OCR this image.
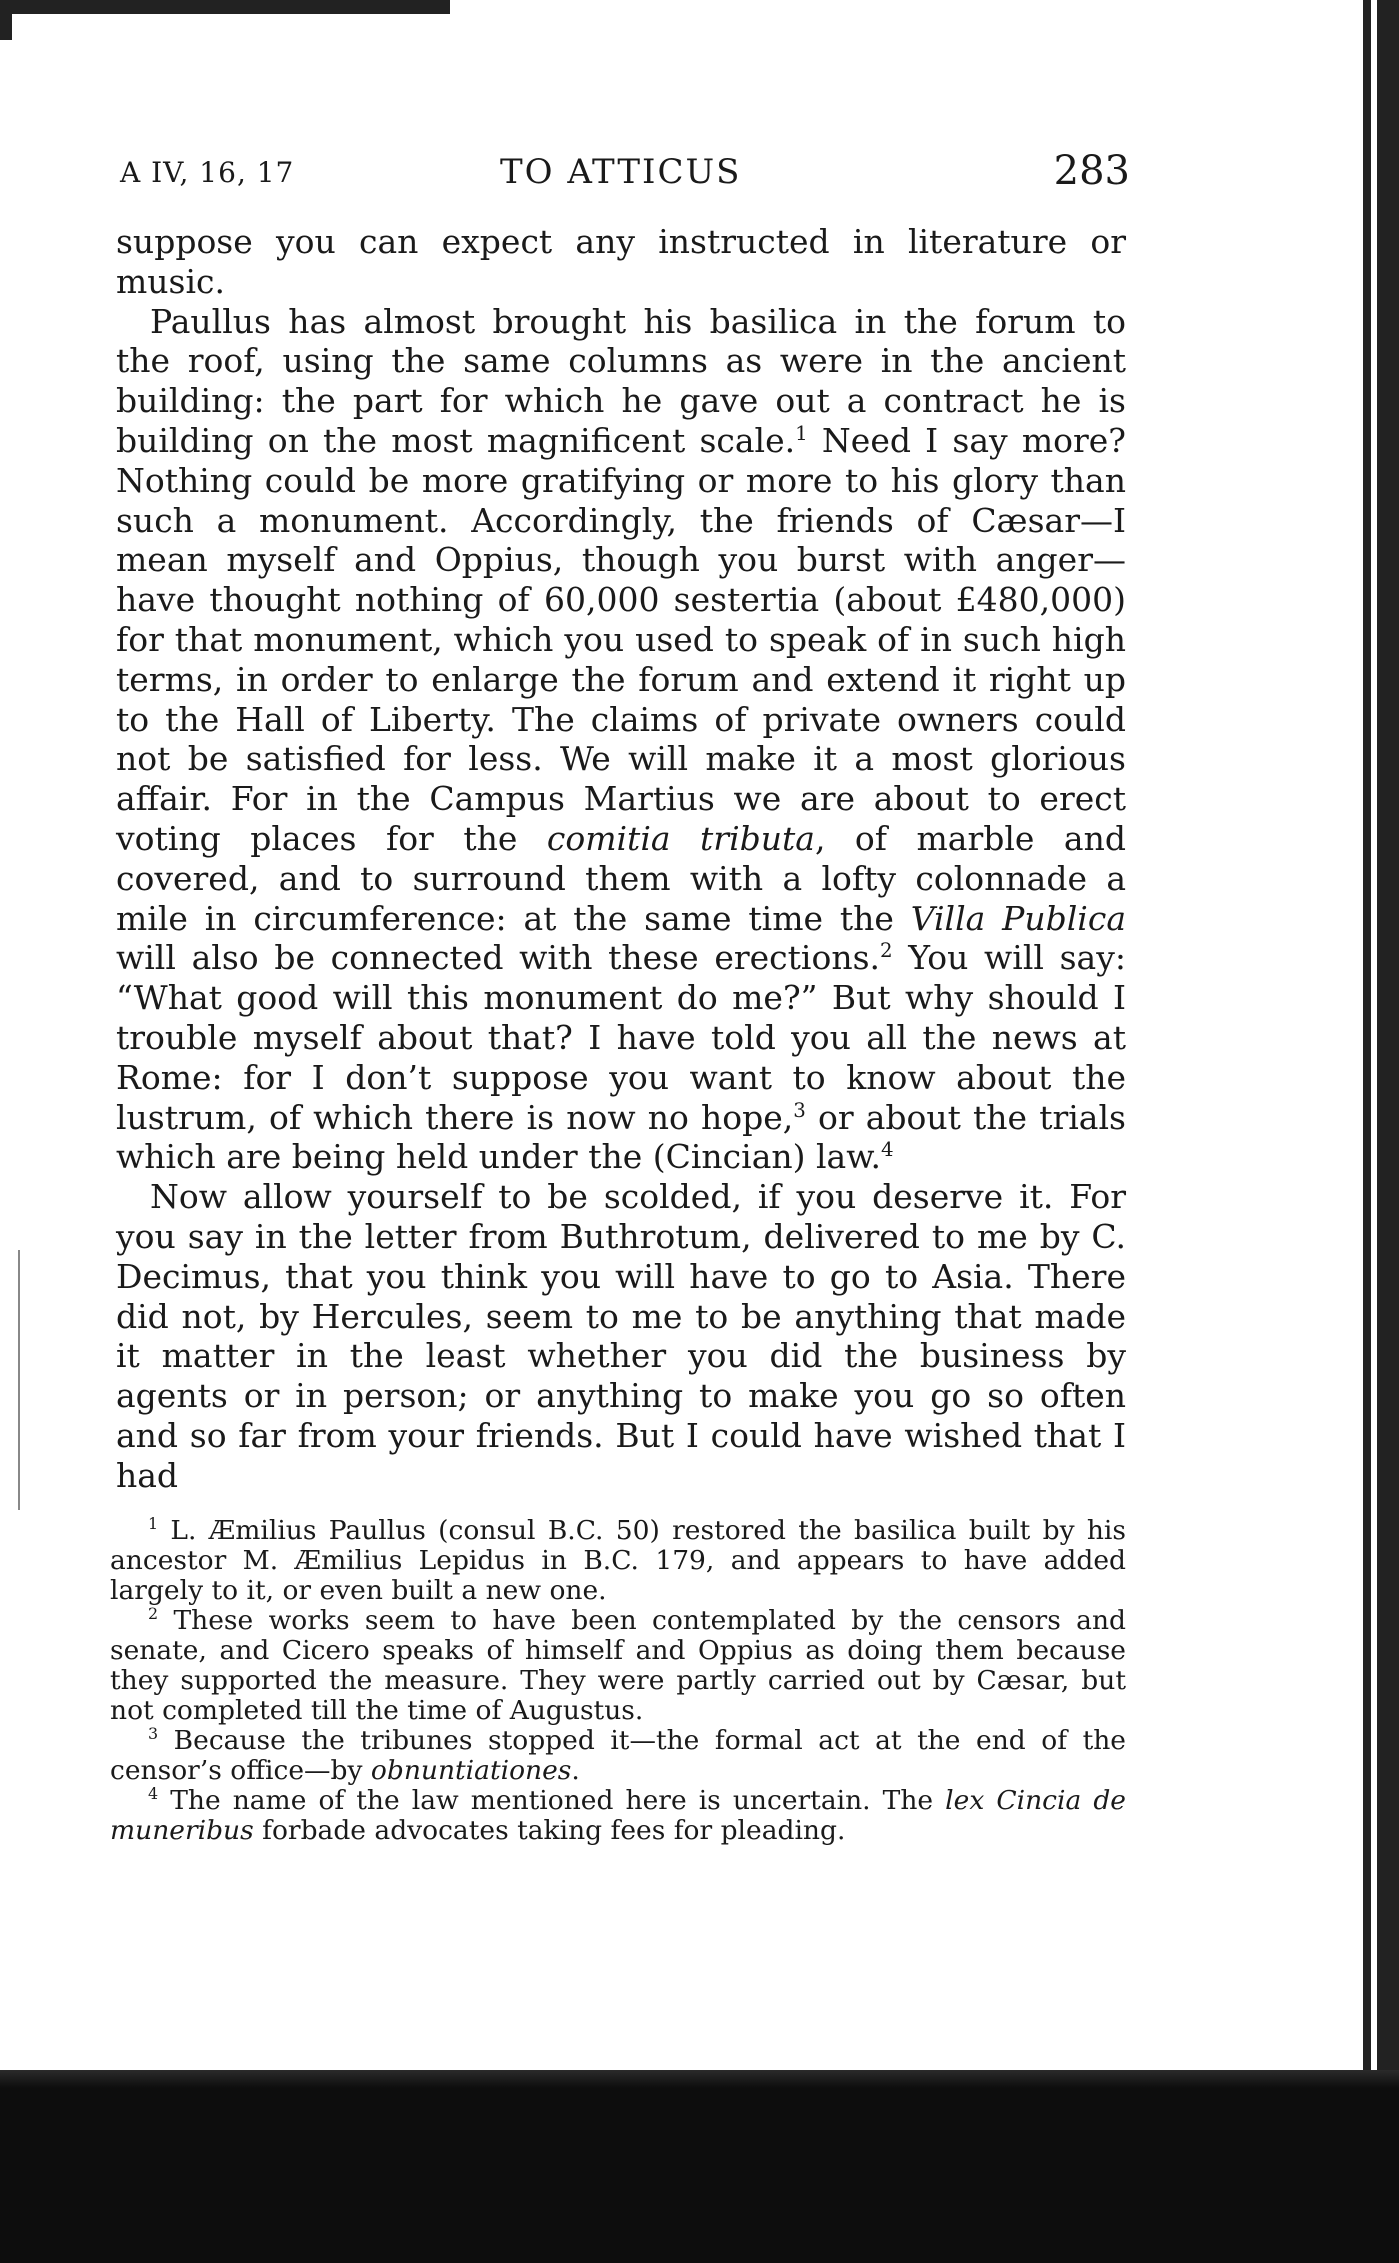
A IV, 16, 17	TO ATTICUS	283

suppose you can expect any instructed in literature or music.

Paullus has almost brought his basilica in the forum to the roof, using the same columns as were in the ancient building: the part for which he gave out a contract he is building on the most magnificent scale.$^1$ Need I say more? Nothing could be more gratifying or more to his glory than such a monument. Accordingly, the friends of Cæsar—I mean myself and Oppius, though you burst with anger—have thought nothing of 60,000 sestertia (about £480,000) for that monument, which you used to speak of in such high terms, in order to enlarge the forum and extend it right up to the Hall of Liberty. The claims of private owners could not be satisfied for less. We will make it a most glorious affair. For in the Campus Martius we are about to erect voting places for the comitia tributa, of marble and covered, and to surround them with a lofty colonnade a mile in circumference: at the same time the Villa Publica will also be connected with these erections.$^2$ You will say: “What good will this monument do me?” But why should I trouble myself about that? I have told you all the news at Rome: for I don’t suppose you want to know about the lustrum, of which there is now no hope,$^3$ or about the trials which are being held under the (Cincian) law.$^4$

Now allow yourself to be scolded, if you deserve it. For you say in the letter from Buthrotum, delivered to me by C. Decimus, that you think you will have to go to Asia. There did not, by Hercules, seem to me to be anything that made it matter in the least whether you did the business by agents or in person; or anything to make you go so often and so far from your friends. But I could have wished that I had

$^1$ L. Æmilius Paullus (consul B.C. 50) restored the basilica built by his ancestor M. Æmilius Lepidus in B.C. 179, and appears to have added largely to it, or even built a new one.

$^2$ These works seem to have been contemplated by the censors and senate, and Cicero speaks of himself and Oppius as doing them because they supported the measure. They were partly carried out by Cæsar, but not completed till the time of Augustus.

$^3$ Because the tribunes stopped it—the formal act at the end of the censor’s office—by obnuntiationes.

$^4$ The name of the law mentioned here is uncertain. The lex Cincia de muneribus forbade advocates taking fees for pleading.
